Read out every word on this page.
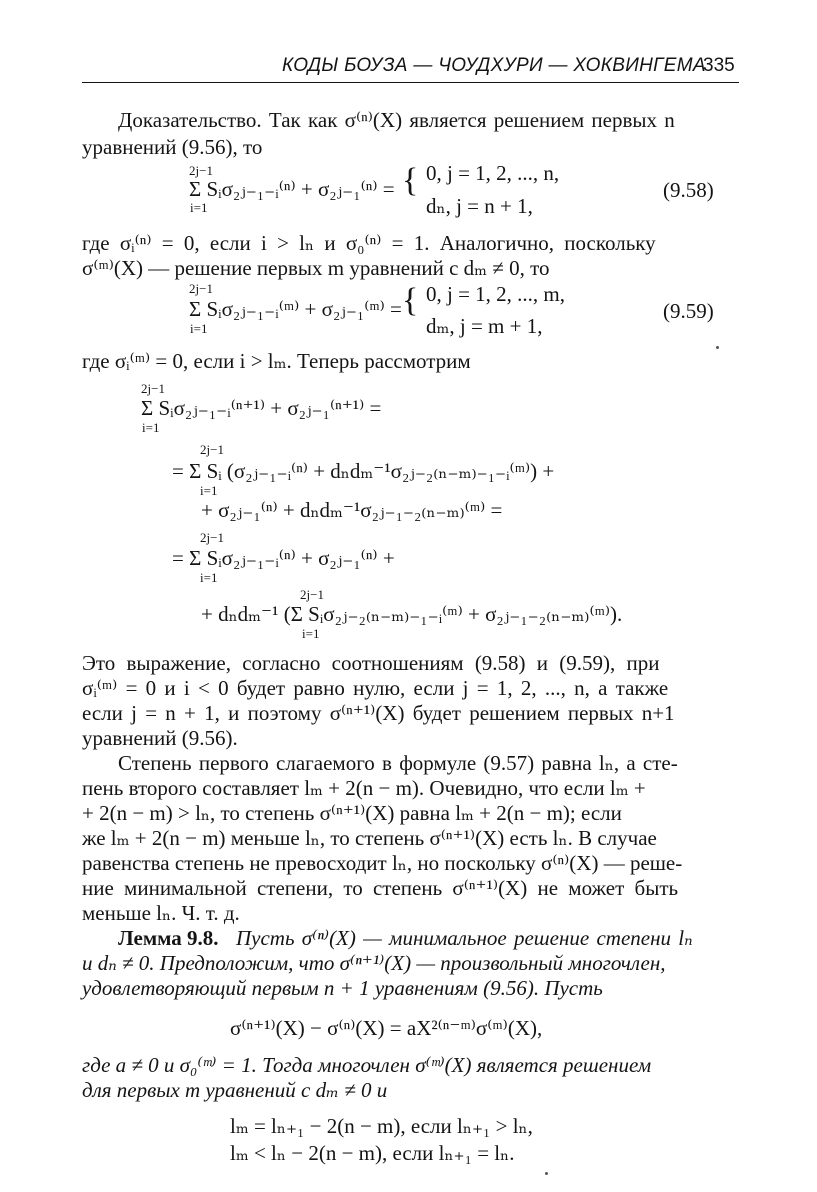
КОДЫ БОУЗА — ЧОУДХУРИ — ХОКВИНГЕМА
335
Доказательство. Так как σ⁽ⁿ⁾(X) является решением первых n
уравнений (9.56), то
2j−1
Σ Sᵢσ₂ⱼ₋₁₋ᵢ⁽ⁿ⁾ + σ₂ⱼ₋₁⁽ⁿ⁾ =
i=1
{ 0, j = 1, 2, ..., n,
dₙ, j = n + 1,
(9.58)
где σᵢ⁽ⁿ⁾ = 0, если i > lₙ и σ₀⁽ⁿ⁾ = 1. Аналогично, поскольку
σ⁽ᵐ⁾(X) — решение первых m уравнений с dₘ ≠ 0, то
2j−1
Σ Sᵢσ₂ⱼ₋₁₋ᵢ⁽ᵐ⁾ + σ₂ⱼ₋₁⁽ᵐ⁾ =
i=1
{ 0, j = 1, 2, ..., m,
dₘ, j = m + 1,
(9.59)
где σᵢ⁽ᵐ⁾ = 0, если i > lₘ. Теперь рассмотрим
2j−1
Σ Sᵢσ₂ⱼ₋₁₋ᵢ⁽ⁿ⁺¹⁾ + σ₂ⱼ₋₁⁽ⁿ⁺¹⁾ =
i=1
2j−1
= Σ Sᵢ (σ₂ⱼ₋₁₋ᵢ⁽ⁿ⁾ + dₙdₘ⁻¹σ₂ⱼ₋₂₍ₙ₋ₘ₎₋₁₋ᵢ⁽ᵐ⁾) +
i=1
+ σ₂ⱼ₋₁⁽ⁿ⁾ + dₙdₘ⁻¹σ₂ⱼ₋₁₋₂₍ₙ₋ₘ₎⁽ᵐ⁾ =
2j−1
= Σ Sᵢσ₂ⱼ₋₁₋ᵢ⁽ⁿ⁾ + σ₂ⱼ₋₁⁽ⁿ⁾ +
i=1
2j−1
+ dₙdₘ⁻¹ (Σ Sᵢσ₂ⱼ₋₂₍ₙ₋ₘ₎₋₁₋ᵢ⁽ᵐ⁾ + σ₂ⱼ₋₁₋₂₍ₙ₋ₘ₎⁽ᵐ⁾).
i=1
Это выражение, согласно соотношениям (9.58) и (9.59), при
σᵢ⁽ᵐ⁾ = 0 и i < 0 будет равно нулю, если j = 1, 2, ..., n, а также
если j = n + 1, и поэтому σ⁽ⁿ⁺¹⁾(X) будет решением первых n+1
уравнений (9.56).
Степень первого слагаемого в формуле (9.57) равна lₙ, а сте-
пень второго составляет lₘ + 2(n − m). Очевидно, что если lₘ +
+ 2(n − m) > lₙ, то степень σ⁽ⁿ⁺¹⁾(X) равна lₘ + 2(n − m); если
же lₘ + 2(n − m) меньше lₙ, то степень σ⁽ⁿ⁺¹⁾(X) есть lₙ. В случае
равенства степень не превосходит lₙ, но поскольку σ⁽ⁿ⁾(X) — реше-
ние минимальной степени, то степень σ⁽ⁿ⁺¹⁾(X) не может быть
меньше lₙ. Ч. т. д.
Лемма 9.8. Пусть σ⁽ⁿ⁾(X) — минимальное решение степени lₙ
и dₙ ≠ 0. Предположим, что σ⁽ⁿ⁺¹⁾(X) — произвольный многочлен,
удовлетворяющий первым n + 1 уравнениям (9.56). Пусть
σ⁽ⁿ⁺¹⁾(X) − σ⁽ⁿ⁾(X) = aX²⁽ⁿ⁻ᵐ⁾σ⁽ᵐ⁾(X),
где a ≠ 0 и σ₀⁽ᵐ⁾ = 1. Тогда многочлен σ⁽ᵐ⁾(X) является решением
для первых m уравнений с dₘ ≠ 0 и
lₘ = lₙ₊₁ − 2(n − m), если lₙ₊₁ > lₙ,
lₘ < lₙ − 2(n − m), если lₙ₊₁ = lₙ.
